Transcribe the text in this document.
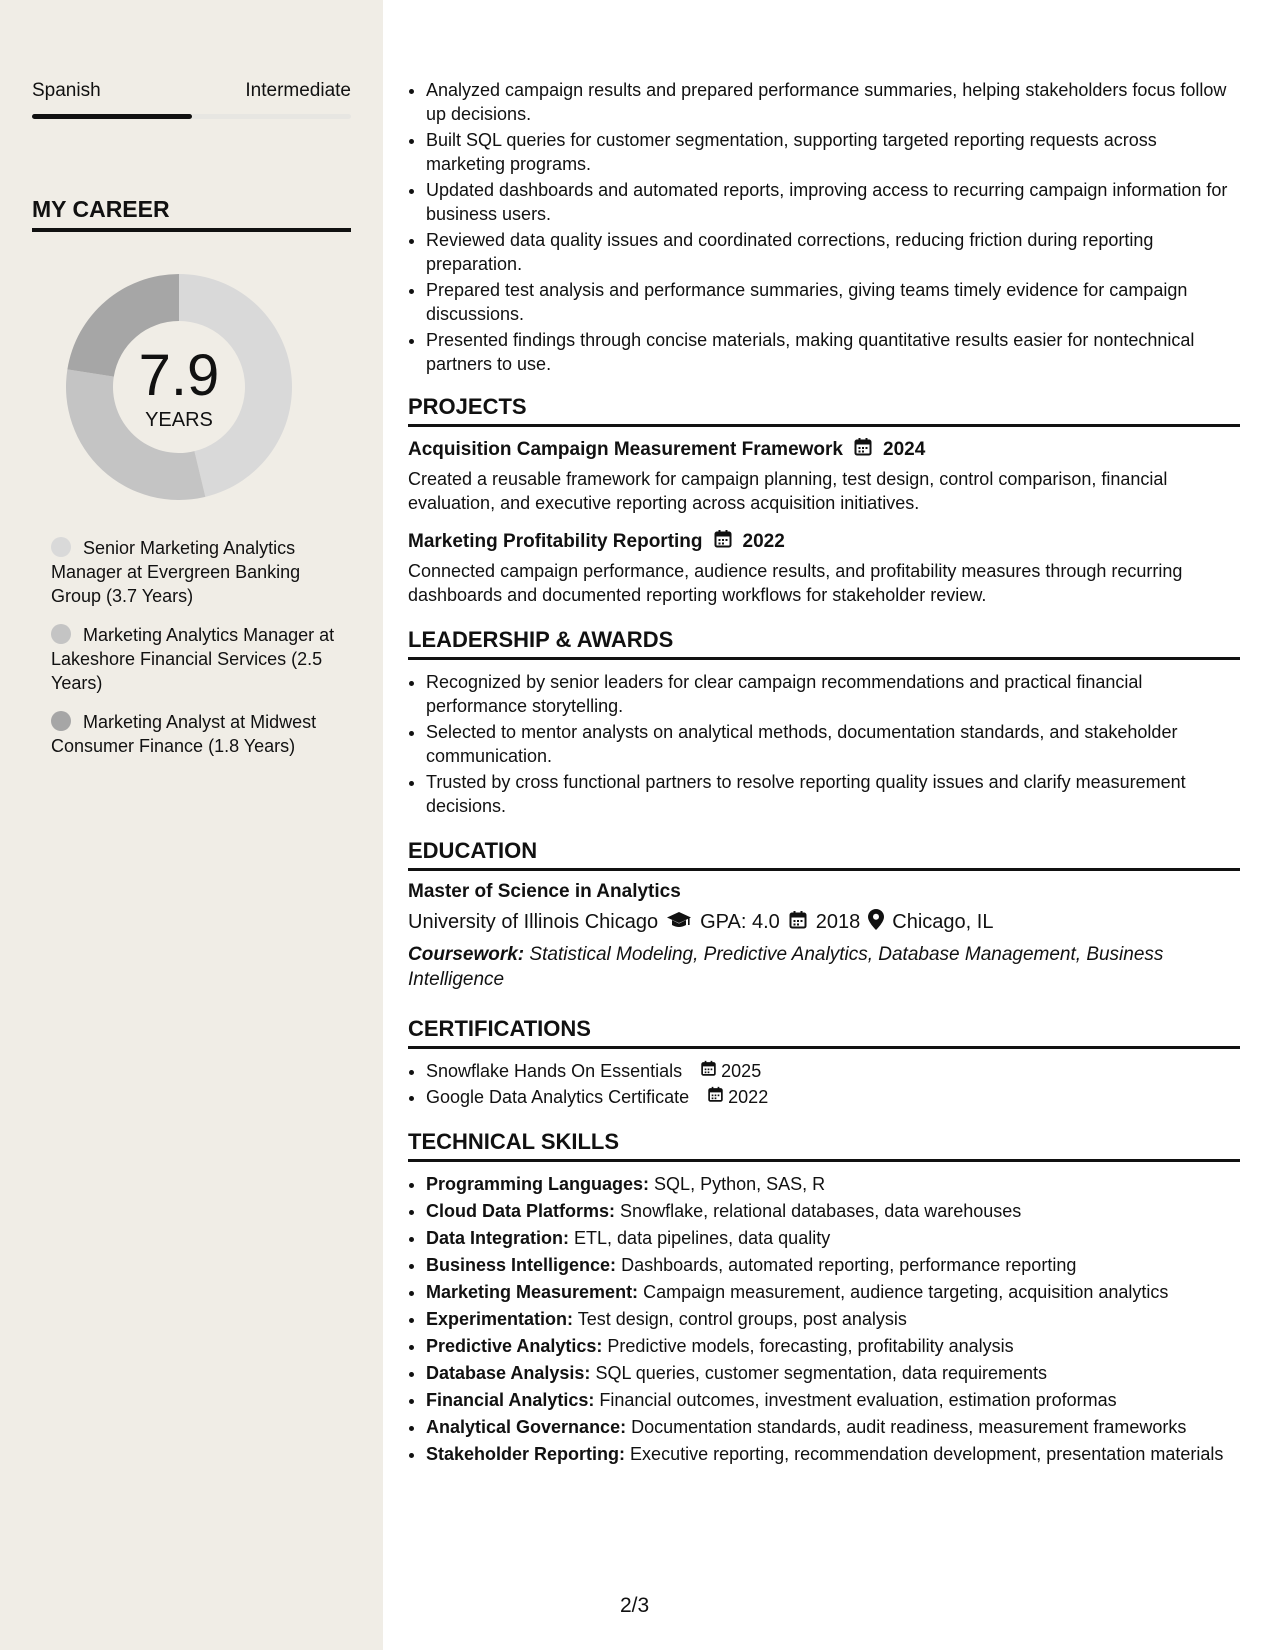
Spanish	Intermediate
MY CAREER
7.9
YEARS
Senior Marketing Analytics Manager at Evergreen Banking Group (3.7 Years)
Marketing Analytics Manager at Lakeshore Financial Services (2.5 Years)
Marketing Analyst at Midwest Consumer Finance (1.8 Years)
• Analyzed campaign results and prepared performance summaries, helping stakeholders focus follow up decisions.
• Built SQL queries for customer segmentation, supporting targeted reporting requests across marketing programs.
• Updated dashboards and automated reports, improving access to recurring campaign information for business users.
• Reviewed data quality issues and coordinated corrections, reducing friction during reporting preparation.
• Prepared test analysis and performance summaries, giving teams timely evidence for campaign discussions.
• Presented findings through concise materials, making quantitative results easier for nontechnical partners to use.
PROJECTS
Acquisition Campaign Measurement Framework 2024
Created a reusable framework for campaign planning, test design, control comparison, financial evaluation, and executive reporting across acquisition initiatives.
Marketing Profitability Reporting 2022
Connected campaign performance, audience results, and profitability measures through recurring dashboards and documented reporting workflows for stakeholder review.
LEADERSHIP & AWARDS
• Recognized by senior leaders for clear campaign recommendations and practical financial performance storytelling.
• Selected to mentor analysts on analytical methods, documentation standards, and stakeholder communication.
• Trusted by cross functional partners to resolve reporting quality issues and clarify measurement decisions.
EDUCATION
Master of Science in Analytics
University of Illinois Chicago GPA: 4.0 2018 Chicago, IL
Coursework: Statistical Modeling, Predictive Analytics, Database Management, Business Intelligence
CERTIFICATIONS
• Snowflake Hands On Essentials
2025
• Google Data Analytics Certificate
2022
TECHNICAL SKILLS
• Programming Languages: SQL, Python, SAS, R
• Cloud Data Platforms: Snowflake, relational databases, data warehouses
• Data Integration: ETL, data pipelines, data quality
• Business Intelligence: Dashboards, automated reporting, performance reporting
• Marketing Measurement: Campaign measurement, audience targeting, acquisition analytics
• Experimentation: Test design, control groups, post analysis
• Predictive Analytics: Predictive models, forecasting, profitability analysis
• Database Analysis: SQL queries, customer segmentation, data requirements
• Financial Analytics: Financial outcomes, investment evaluation, estimation proformas
• Analytical Governance: Documentation standards, audit readiness, measurement frameworks
• Stakeholder Reporting: Executive reporting, recommendation development, presentation materials
2/3
